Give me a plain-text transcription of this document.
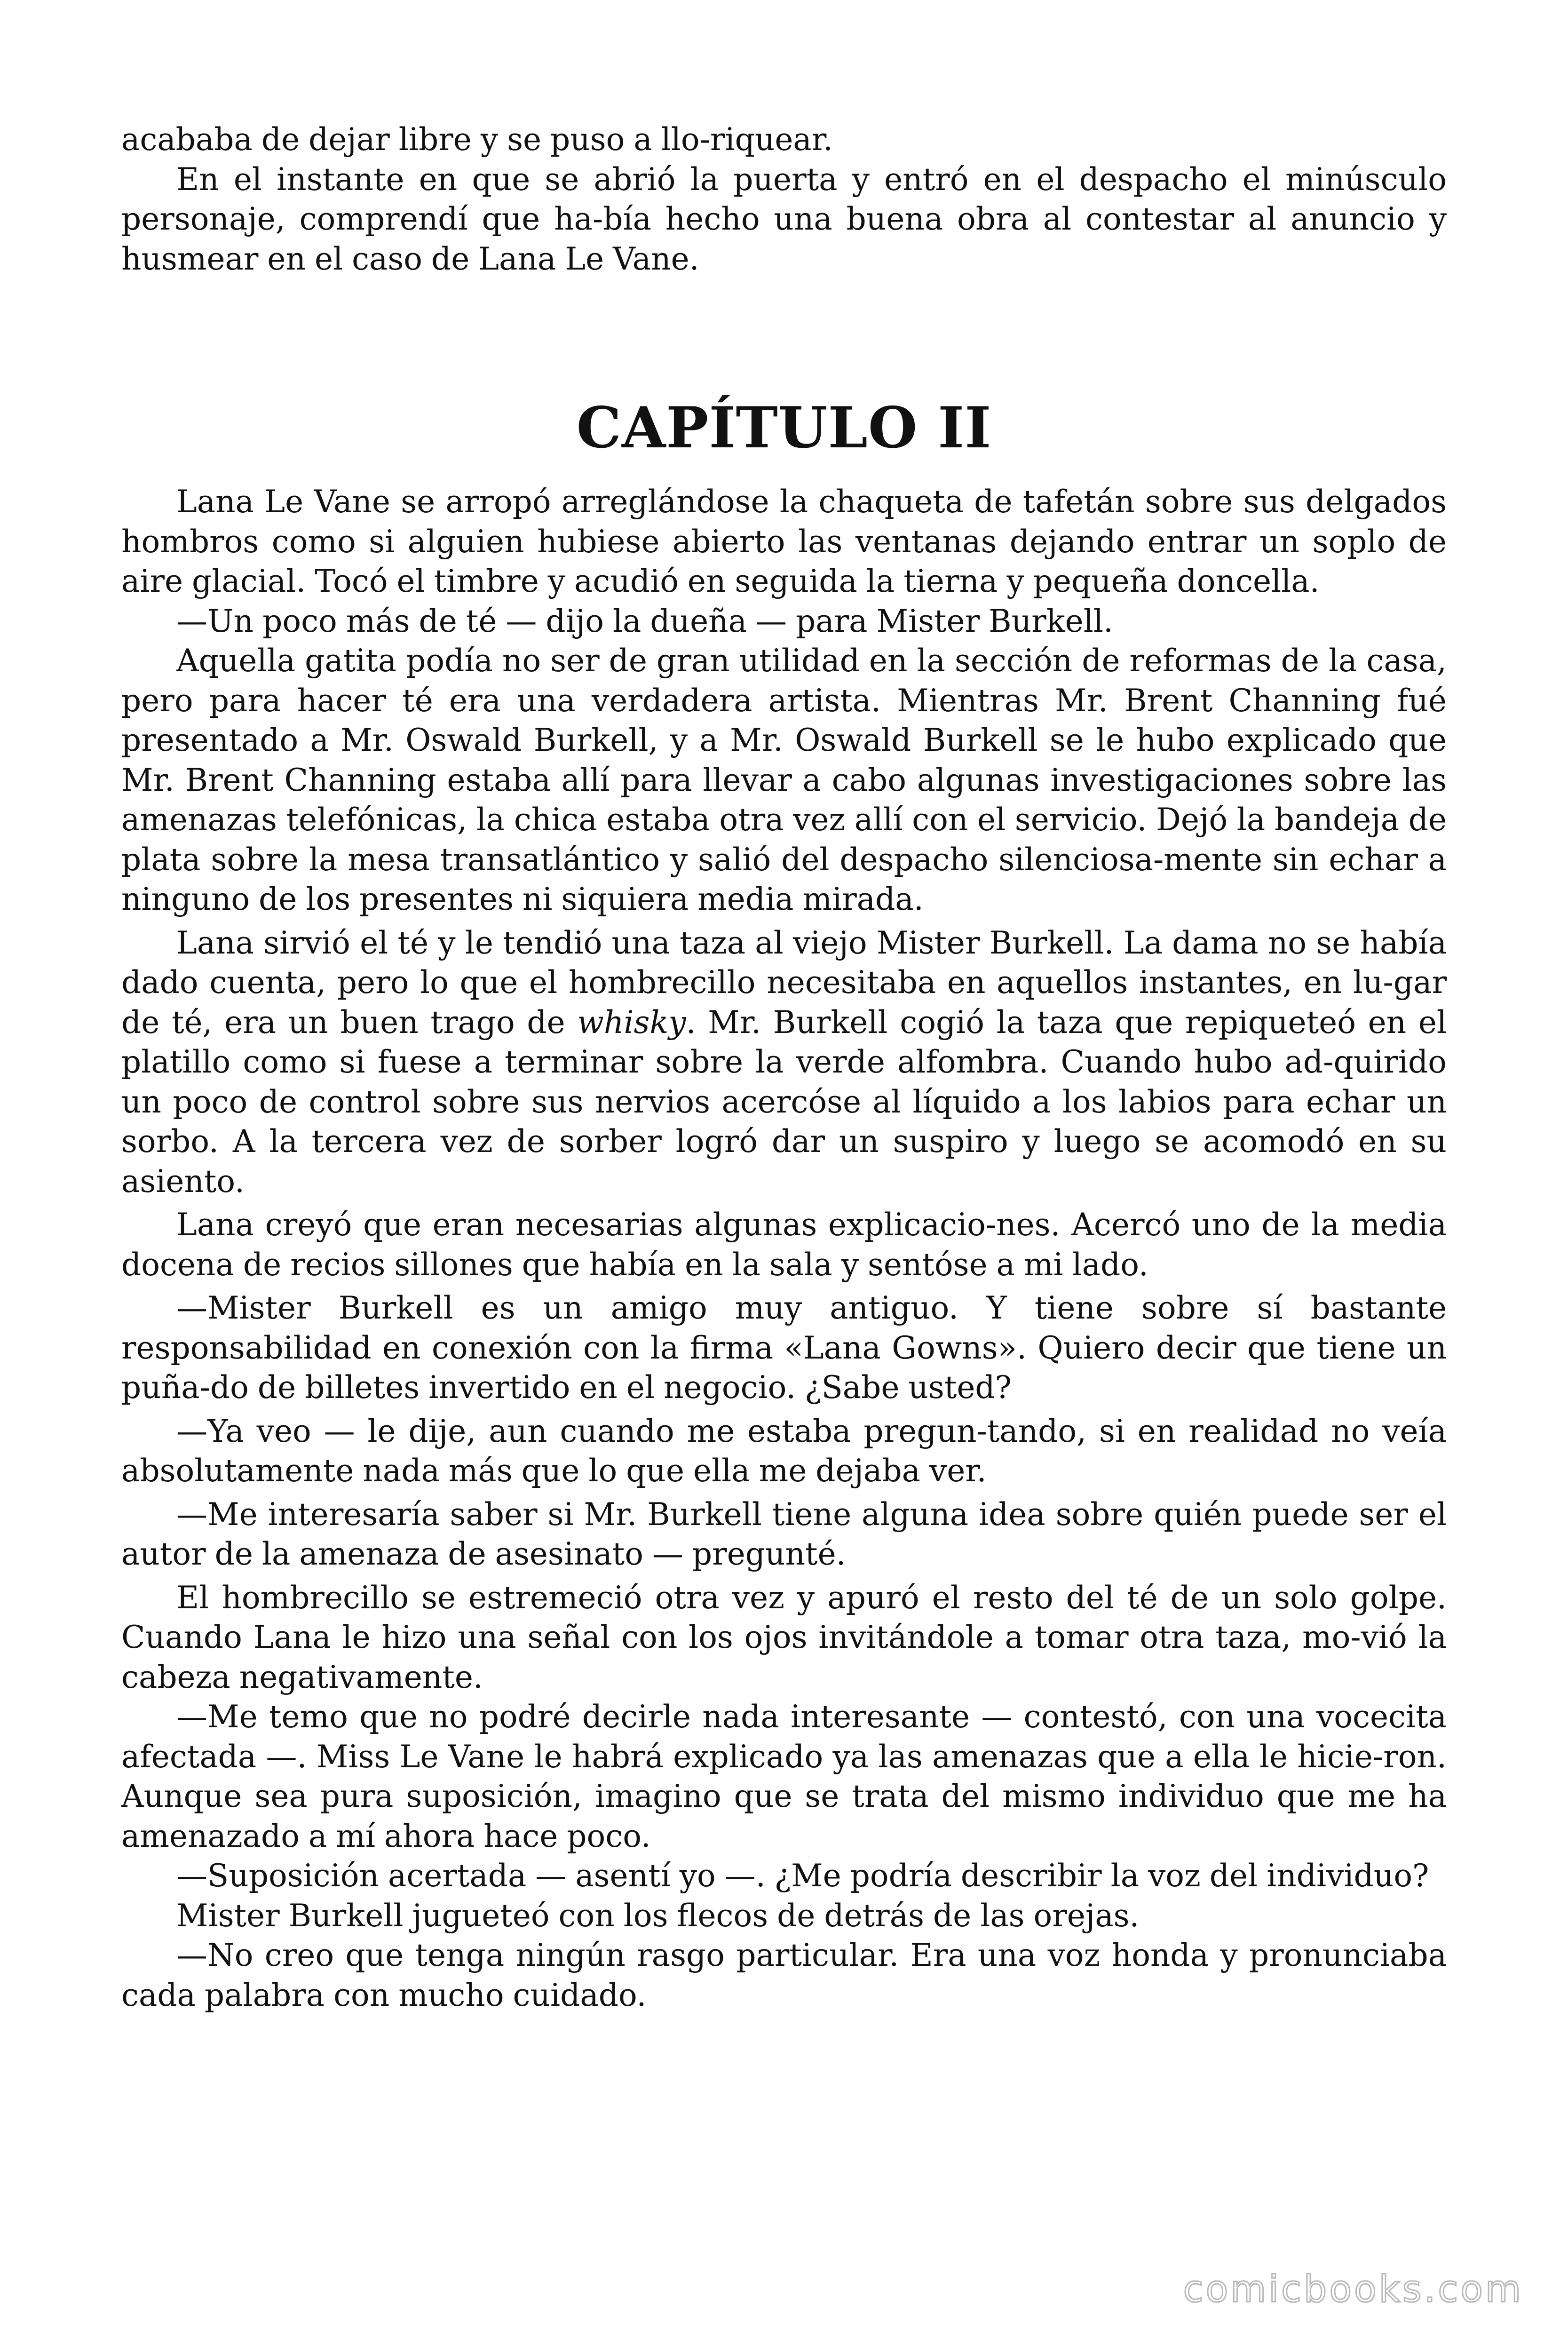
acababa de dejar libre y se puso a llo-riquear.

En el instante en que se abrió la puerta y entró en el despacho el minúsculo personaje, comprendí que ha-bía hecho una buena obra al contestar al anuncio y husmear en el caso de Lana Le Vane.

CAPÍTULO II

Lana Le Vane se arropó arreglándose la chaqueta de tafetán sobre sus delgados hombros como si alguien hubiese abierto las ventanas dejando entrar un soplo de aire glacial. Tocó el timbre y acudió en seguida la tierna y pequeña doncella.

—Un poco más de té — dijo la dueña — para Mister Burkell.

Aquella gatita podía no ser de gran utilidad en la sección de reformas de la casa, pero para hacer té era una verdadera artista. Mientras Mr. Brent Channing fué presentado a Mr. Oswald Burkell, y a Mr. Oswald Burkell se le hubo explicado que Mr. Brent Channing estaba allí para llevar a cabo algunas investigaciones sobre las amenazas telefónicas, la chica estaba otra vez allí con el servicio. Dejó la bandeja de plata sobre la mesa transatlántico y salió del despacho silenciosa-mente sin echar a ninguno de los presentes ni siquiera media mirada.

Lana sirvió el té y le tendió una taza al viejo Mister Burkell. La dama no se había dado cuenta, pero lo que el hombrecillo necesitaba en aquellos instantes, en lu-gar de té, era un buen trago de whisky. Mr. Burkell cogió la taza que repiqueteó en el platillo como si fuese a terminar sobre la verde alfombra. Cuando hubo ad-quirido un poco de control sobre sus nervios acercóse al líquido a los labios para echar un sorbo. A la tercera vez de sorber logró dar un suspiro y luego se acomodó en su asiento.

Lana creyó que eran necesarias algunas explicacio-nes. Acercó uno de la media docena de recios sillones que había en la sala y sentóse a mi lado.

—Mister Burkell es un amigo muy antiguo. Y tiene sobre sí bastante responsabilidad en conexión con la firma «Lana Gowns». Quiero decir que tiene un puña-do de billetes invertido en el negocio. ¿Sabe usted?

—Ya veo — le dije, aun cuando me estaba pregun-tando, si en realidad no veía absolutamente nada más que lo que ella me dejaba ver.

—Me interesaría saber si Mr. Burkell tiene alguna idea sobre quién puede ser el autor de la amenaza de asesinato — pregunté.

El hombrecillo se estremeció otra vez y apuró el resto del té de un solo golpe. Cuando Lana le hizo una señal con los ojos invitándole a tomar otra taza, mo-vió la cabeza negativamente.

—Me temo que no podré decirle nada interesante — contestó, con una vocecita afectada —. Miss Le Vane le habrá explicado ya las amenazas que a ella le hicie-ron. Aunque sea pura suposición, imagino que se trata del mismo individuo que me ha amenazado a mí ahora hace poco.

—Suposición acertada — asentí yo —. ¿Me podría describir la voz del individuo?

Mister Burkell jugueteó con los flecos de detrás de las orejas.

—No creo que tenga ningún rasgo particular. Era una voz honda y pronunciaba cada palabra con mucho cuidado.

comicbooks.com
